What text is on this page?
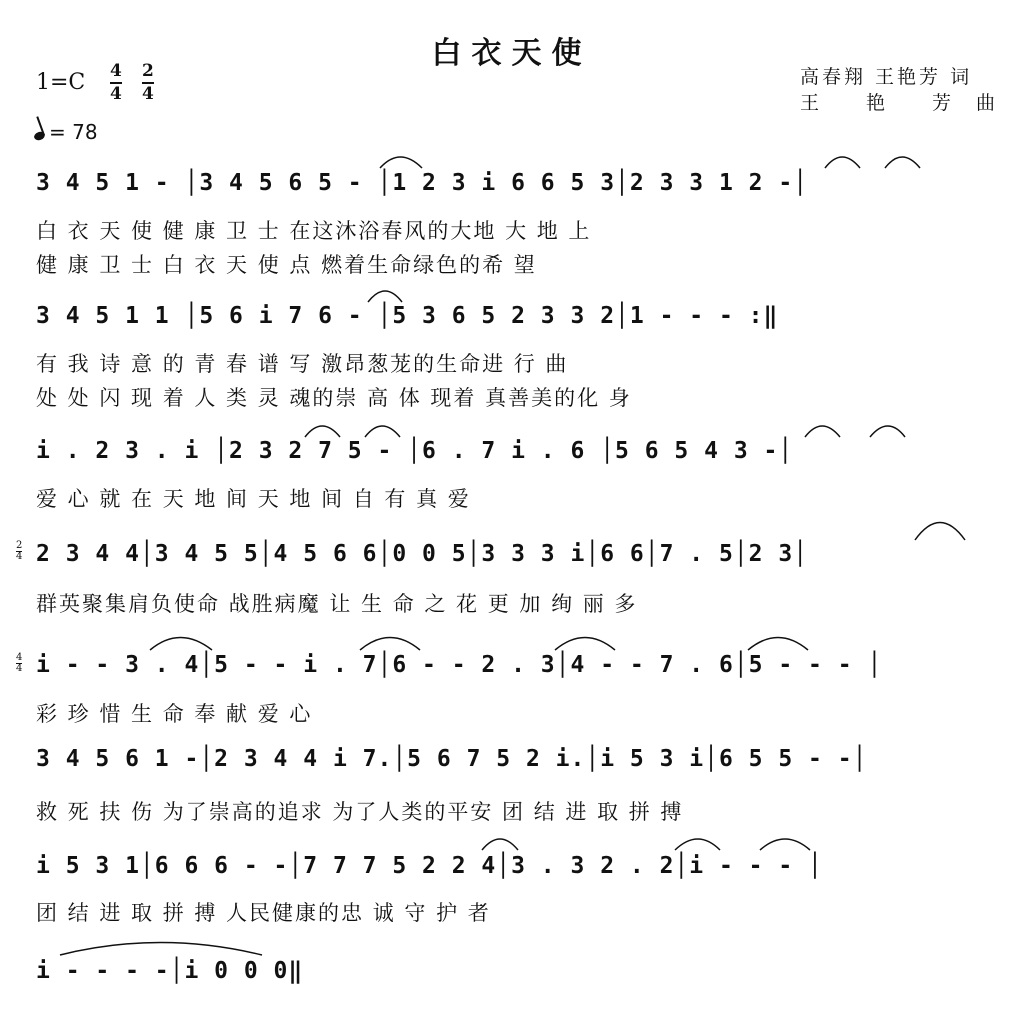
白衣天使
高春翔 王艳芳 词
王　　艳　　芳　曲
1=C 4
4
2
4
= 78
3 4 5 1 - │3 4 5 6 5 - │1 2 3 i 6 6 5 3│2 3 3 1 2 -│
白 衣 天 使 健 康 卫 士 在这沐浴春风的大地 大 地 上
健 康 卫 士 白 衣 天 使 点 燃着生命绿色的希 望
3 4 5 1 1 │5 6 i 7 6 - │5 3 6 5 2 3 3 2│1 - - - :‖
有 我 诗 意 的 青 春 谱 写 激昂葱茏的生命进 行 曲
处 处 闪 现 着 人 类 灵 魂的崇 高 体 现着 真善美的化 身
i . 2 3 . i │2 3 2 7 5 - │6 . 7 i . 6 │5 6 5 4 3 -│
爱 心 就 在 天 地 间 天 地 间 自 有 真 爱
2
4 2 3 4 4│3 4 5 5│4 5 6 6│0 0 5│3 3 3 i│6 6│7 . 5│2 3│
群英聚集肩负使命 战胜病魔 让 生 命 之 花 更 加 绚 丽 多
4
4 i - - 3 . 4│5 - - i . 7│6 - - 2 . 3│4 - - 7 . 6│5 - - - │
彩 珍 惜 生 命 奉 献 爱 心
3 4 5 6 1 -│2 3 4 4 i 7.│5 6 7 5 2 i.│i 5 3 i│6 5 5 - -│
救 死 扶 伤 为了崇高的追求 为了人类的平安 团 结 进 取 拼 搏
i 5 3 1│6 6 6 - -│7 7 7 5 2 2 4│3 . 3 2 . 2│i - - - │
团 结 进 取 拼 搏 人民健康的忠 诚 守 护 者
i - - - -│i 0 0 0‖
